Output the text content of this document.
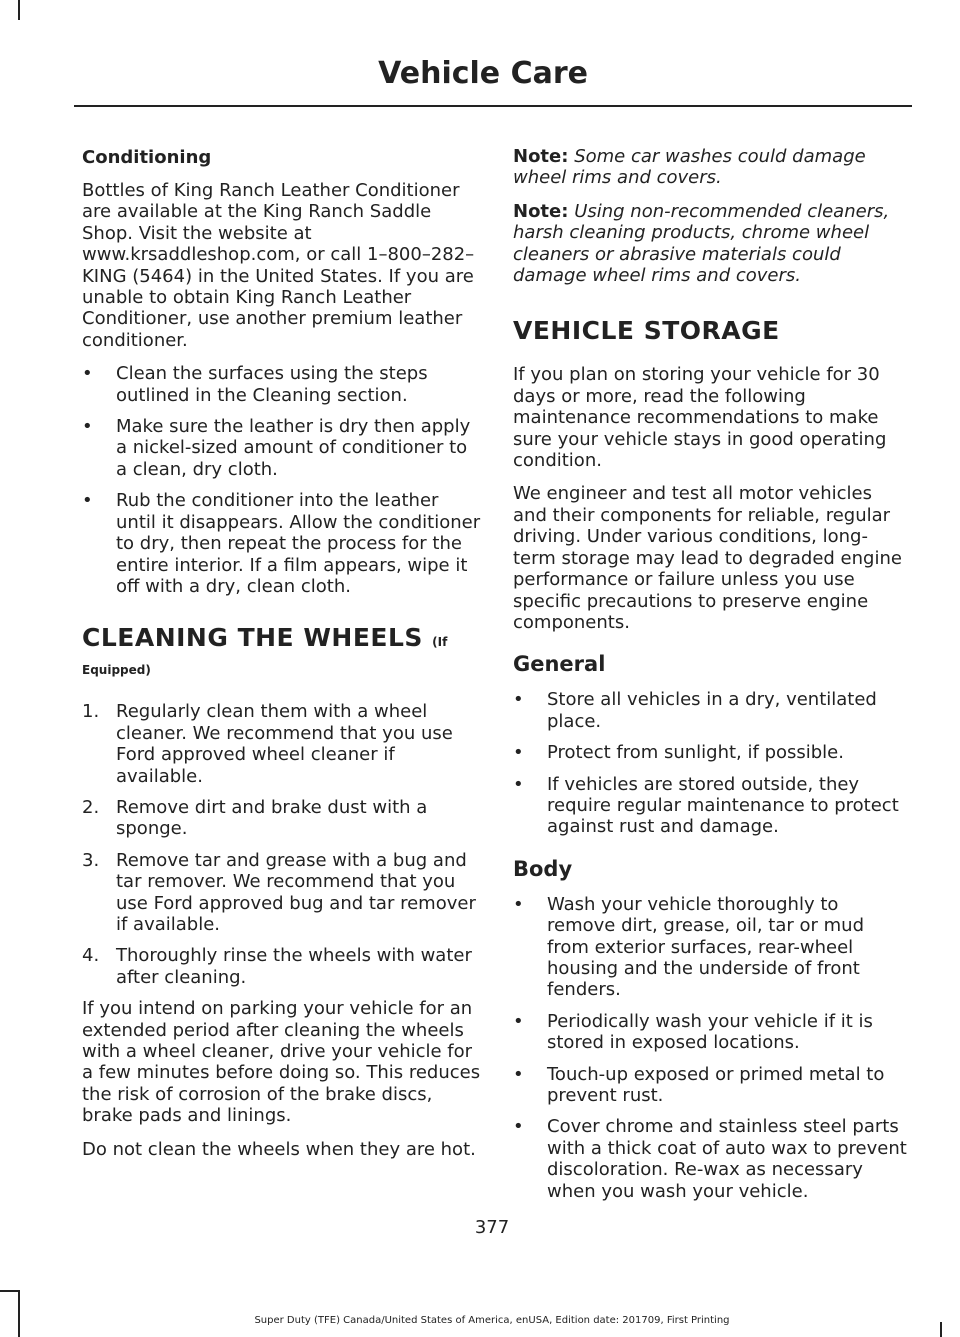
Vehicle Care
Conditioning

Bottles of King Ranch Leather Conditioner are available at the King Ranch Saddle Shop. Visit the website at www.krsaddleshop.com, or call 1–800–282–KING (5464) in the United States. If you are unable to obtain King Ranch Leather Conditioner, use another premium leather conditioner.

• Clean the surfaces using the steps outlined in the Cleaning section.
• Make sure the leather is dry then apply a nickel-sized amount of conditioner to a clean, dry cloth.
• Rub the conditioner into the leather until it disappears. Allow the conditioner to dry, then repeat the process for the entire interior. If a film appears, wipe it off with a dry, clean cloth.
CLEANING THE WHEELS (If
Equipped)
1. Regularly clean them with a wheel cleaner. We recommend that you use Ford approved wheel cleaner if available.
2. Remove dirt and brake dust with a sponge.
3. Remove tar and grease with a bug and tar remover. We recommend that you use Ford approved bug and tar remover if available.
4. Thoroughly rinse the wheels with water after cleaning.

If you intend on parking your vehicle for an extended period after cleaning the wheels with a wheel cleaner, drive your vehicle for a few minutes before doing so. This reduces the risk of corrosion of the brake discs, brake pads and linings.

Do not clean the wheels when they are hot.

Note: Some car washes could damage wheel rims and covers.

Note: Using non-recommended cleaners, harsh cleaning products, chrome wheel cleaners or abrasive materials could damage wheel rims and covers.

VEHICLE STORAGE

If you plan on storing your vehicle for 30 days or more, read the following maintenance recommendations to make sure your vehicle stays in good operating condition.

We engineer and test all motor vehicles and their components for reliable, regular driving. Under various conditions, long-term storage may lead to degraded engine performance or failure unless you use specific precautions to preserve engine components.

General
• Store all vehicles in a dry, ventilated place.
• Protect from sunlight, if possible.
• If vehicles are stored outside, they require regular maintenance to protect against rust and damage.
Body
• Wash your vehicle thoroughly to remove dirt, grease, oil, tar or mud from exterior surfaces, rear-wheel housing and the underside of front fenders.
• Periodically wash your vehicle if it is stored in exposed locations.
• Touch-up exposed or primed metal to prevent rust.
• Cover chrome and stainless steel parts with a thick coat of auto wax to prevent discoloration. Re-wax as necessary when you wash your vehicle.
377
Super Duty (TFE) Canada/United States of America, enUSA, Edition date: 201709, First Printing
